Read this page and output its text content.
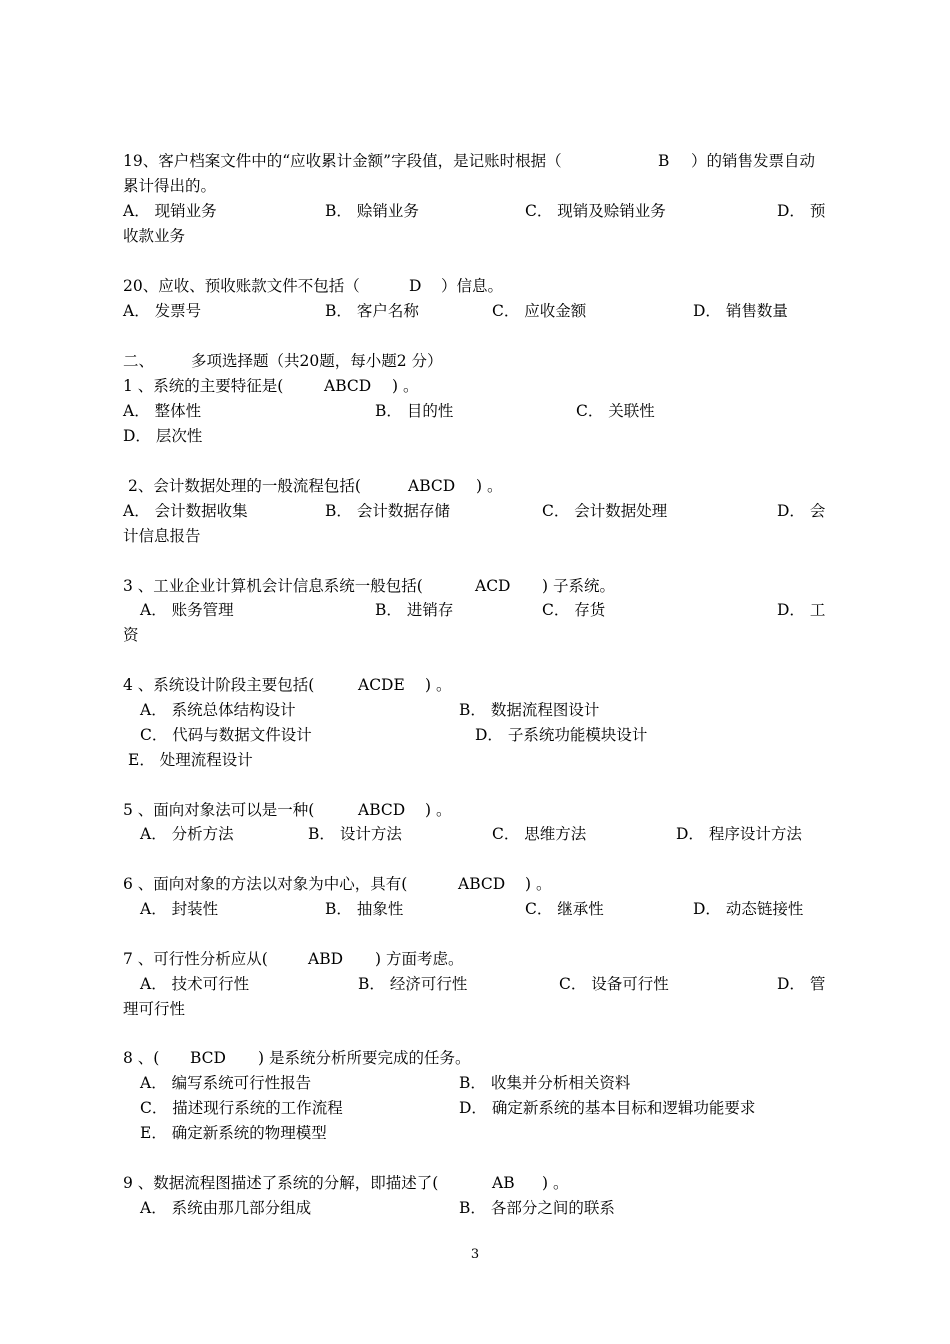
19、客户档案文件中的“应收累计金额”字段值，是记账时根据（	B ）的销售发票自动
累计得出的。
A． 现销业务	B． 赊销业务	C． 现销及赊销业务	D． 预
收款业务
20、应收、预收账款文件不包括（	D ）信息。
A． 发票号	B． 客户名称	C． 应收金额	D． 销售数量
二、 多项选择题（共20题，每小题2 分）
1 、系统的主要特征是(	ABCD ) 。
A． 整体性	B． 目的性	C． 关联性
D． 层次性
2、会计数据处理的一般流程包括(	ABCD ) 。
A． 会计数据收集	B． 会计数据存储	C． 会计数据处理	D． 会
计信息报告
3 、工业企业计算机会计信息系统一般包括(	ACD ) 子系统。
A． 账务管理	B． 进销存	C． 存货	D． 工
资
4 、系统设计阶段主要包括(	ACDE ) 。
A． 系统总体结构设计	B． 数据流程图设计
C． 代码与数据文件设计	D． 子系统功能模块设计
E． 处理流程设计
5 、面向对象法可以是一种(	ABCD ) 。
A． 分析方法	B． 设计方法	C． 思维方法	D． 程序设计方法
6 、面向对象的方法以对象为中心，具有(	ABCD ) 。
A． 封装性	B． 抽象性	C． 继承性	D． 动态链接性
7 、可行性分析应从(	ABD ) 方面考虑。
A． 技术可行性	B． 经济可行性	C． 设备可行性	D． 管
理可行性
8 、( BCD ) 是系统分析所要完成的任务。
A． 编写系统可行性报告	B． 收集并分析相关资料
C． 描述现行系统的工作流程	D． 确定新系统的基本目标和逻辑功能要求
E． 确定新系统的物理模型
9 、数据流程图描述了系统的分解，即描述了(	AB ) 。
A． 系统由那几部分组成	B． 各部分之间的联系
3
